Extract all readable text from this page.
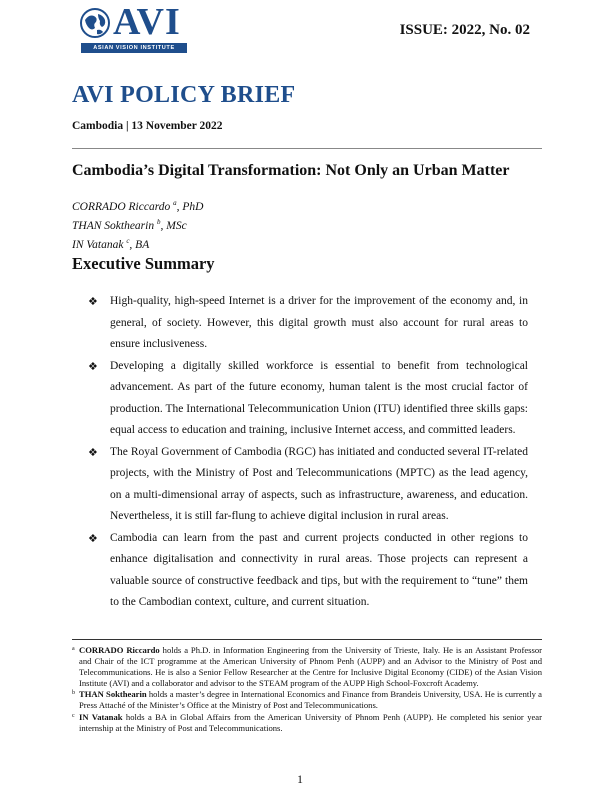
AVI
ASIAN VISION INSTITUTE
ISSUE: 2022, No. 02
AVI POLICY BRIEF
Cambodia | 13 November 2022
Cambodia’s Digital Transformation: Not Only an Urban Matter
CORRADO Riccardo $^a$, PhD
THAN Sokthearin $^b$, MSc
IN Vatanak $^c$, BA
Executive Summary
❖ High-quality, high-speed Internet is a driver for the improvement of the economy and, in general, of society. However, this digital growth must also account for rural areas to ensure inclusiveness.
❖ Developing a digitally skilled workforce is essential to benefit from technological advancement. As part of the future economy, human talent is the most crucial factor of production. The International Telecommunication Union (ITU) identified three skills gaps: equal access to education and training, inclusive Internet access, and committed leaders.
❖ The Royal Government of Cambodia (RGC) has initiated and conducted several IT-related projects, with the Ministry of Post and Telecommunications (MPTC) as the lead agency, on a multi-dimensional array of aspects, such as infrastructure, awareness, and education. Nevertheless, it is still far-flung to achieve digital inclusion in rural areas.
❖ Cambodia can learn from the past and current projects conducted in other regions to enhance digitalisation and connectivity in rural areas. Those projects can represent a valuable source of constructive feedback and tips, but with the requirement to “tune” them to the Cambodian context, culture, and current situation.

a CORRADO Riccardo holds a Ph.D. in Information Engineering from the University of Trieste, Italy. He is an Assistant Professor and Chair of the ICT programme at the American University of Phnom Penh (AUPP) and an Advisor to the Ministry of Post and Telecommunications. He is also a Senior Fellow Researcher at the Centre for Inclusive Digital Economy (CIDE) of the Asian Vision Institute (AVI) and a collaborator and advisor to the STEAM program of the AUPP High School-Foxcroft Academy.

b THAN Sokthearin holds a master’s degree in International Economics and Finance from Brandeis University, USA. He is currently a Press Attaché of the Minister’s Office at the Ministry of Post and Telecommunications.

c IN Vatanak holds a BA in Global Affairs from the American University of Phnom Penh (AUPP). He completed his senior year internship at the Ministry of Post and Telecommunications.

1
